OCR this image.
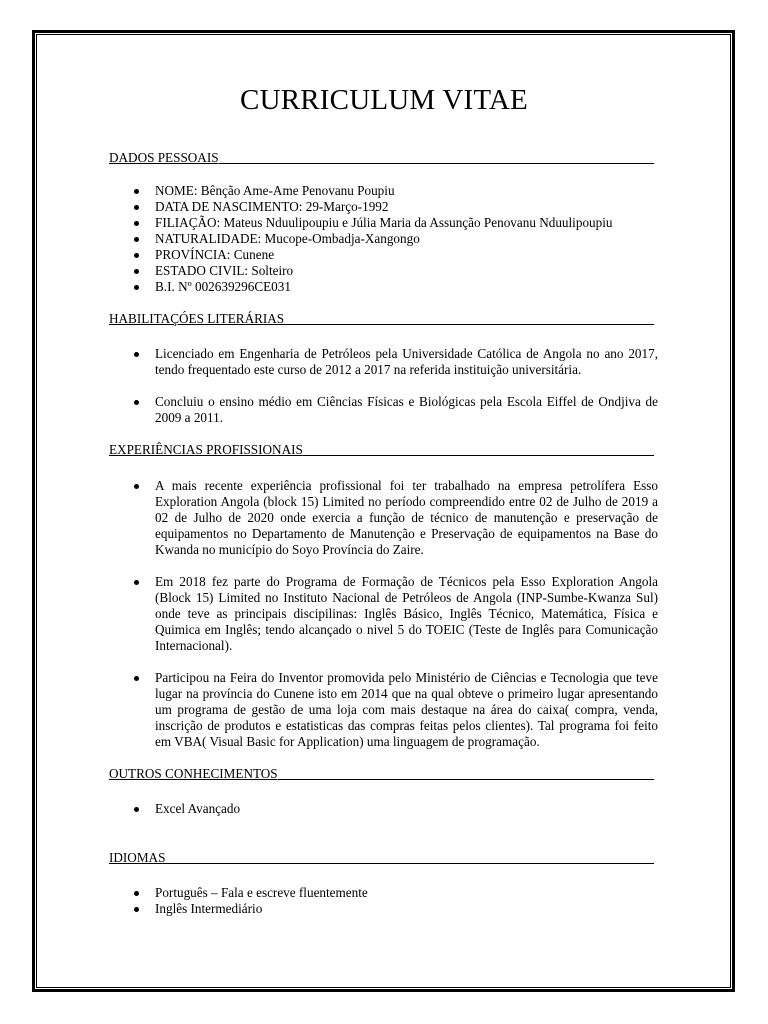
CURRICULUM VITAE
DADOS PESSOAIS
NOME: Bênção Ame-Ame Penovanu Poupiu
DATA DE NASCIMENTO: 29-Março-1992
FILIAÇÃO: Mateus Nduulipoupiu e Júlia Maria da Assunção Penovanu Nduulipoupiu
NATURALIDADE: Mucope-Ombadja-Xangongo
PROVÍNCIA: Cunene
ESTADO CIVIL: Solteiro
B.I. Nº 002639296CE031
HABILITAÇÓES LITERÁRIAS
Licenciado em Engenharia de Petróleos pela Universidade Católica de Angola no ano 2017, tendo frequentado este curso de 2012 a 2017 na referida instituição universitária.
Concluiu o ensino médio em Ciências Físicas e Biológicas pela Escola Eiffel de Ondjiva de 2009 a 2011.
EXPERIÊNCIAS PROFISSIONAIS
A mais recente experiência profissional foi ter trabalhado na empresa petrolífera Esso Exploration Angola (block 15) Limited no período compreendido entre 02 de Julho de 2019 a 02 de Julho de 2020 onde exercia a função de técnico de manutenção e preservação de equipamentos no Departamento de Manutenção e Preservação de equipamentos na Base do Kwanda no município do Soyo Província do Zaire.
Em 2018 fez parte do Programa de Formação de Técnicos pela Esso Exploration Angola (Block 15) Limited no Instituto Nacional de Petróleos de Angola (INP-Sumbe-Kwanza Sul) onde teve as principais discipilinas: Inglês Básico, Inglês Técnico, Matemática, Física e Quimica em Inglês; tendo alcançado o nivel 5 do TOEIC (Teste de Inglês para Comunicação Internacional).
Participou na Feira do Inventor promovida pelo Ministério de Ciências e Tecnologia que teve lugar na província do Cunene isto em 2014 que na qual obteve o primeiro lugar apresentando um programa de gestão de uma loja com mais destaque na área do caixa( compra, venda, inscrição de produtos e estatisticas das compras feitas pelos clientes). Tal programa foi feito em VBA( Visual Basic for Application) uma linguagem de programação.
OUTROS CONHECIMENTOS
Excel Avançado
IDIOMAS
Português – Fala e escreve fluentemente
Inglês Intermediário
